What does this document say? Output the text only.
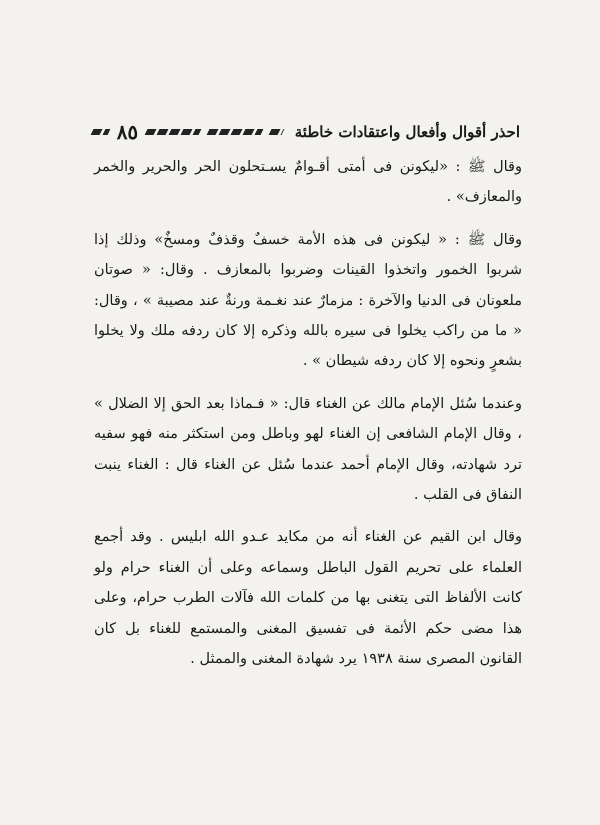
احذر أقوال وأفعال واعتقادات خاطئة
٨٥

وقال ﷺ : «ليكونن فى أمتى أقـوامٌ يسـتحلون الحر والحرير والخمر والمعازف» .

وقال ﷺ : « ليكونن فى هذه الأمة خسفٌ وقذفٌ ومسخٌ» وذلك إذا شربوا الخمور واتخذوا القينات وضربوا بالمعازف . وقال: « صوتان ملعونان فى الدنيا والآخرة : مزمارٌ عند نغـمة ورنةٌ عند مصيبة » ، وقال: « ما من راكب يخلوا فى سيره بالله وذكره إلا كان ردفه ملك ولا يخلوا بشعرٍ ونحوه إلا كان ردفه شيطان » .

وعندما سُئل الإمام مالك عن الغناء قال: « فـماذا بعد الحق إلا الضلال » ، وقال الإمام الشافعى إن الغناء لهو وباطل ومن استكثر منه فهو سفيه ترد شهادته، وقال الإمام أحمد عندما سُئل عن الغناء قال : الغناء ينبت النفاق فى القلب .

وقال ابن القيم عن الغناء أنه من مكايد عـدو الله ابليس . وقد أجمع العلماء على تحريم القول الباطل وسماعه وعلى أن الغناء حرام ولو كانت الألفاظ التى يتغنى بها من كلمات الله فآلات الطرب حرام، وعلى هذا مضى حكم الأئمة فى تفسيق المغنى والمستمع للغناء بل كان القانون المصرى سنة ١٩٣٨ يرد شهادة المغنى والممثل .
